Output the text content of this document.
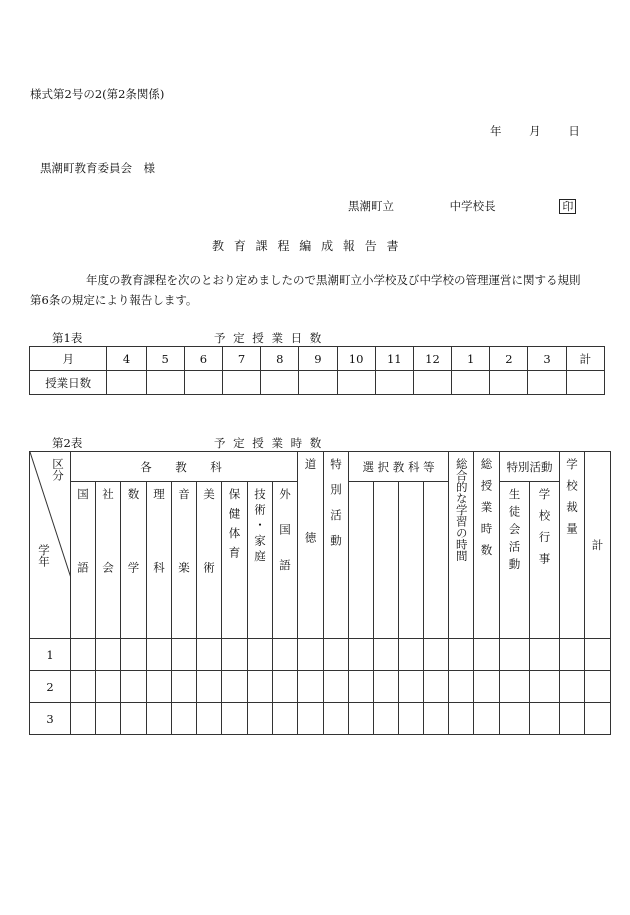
様式第2号の2(第2条関係)
年 月 日
黒潮町教育委員会　様
黒潮町立	中学校長	印
教 育 課 程 編 成 報 告 書
年度の教育課程を次のとおり定めましたので黒潮町立小学校及び中学校の管理運営に関する規則
第6条の規定により報告します。
第1表	予 定 授 業 日 数
月	4	5	6	7	8	9	10	11	12	1	2	3	計
授業日数													
第2表	予 定 授 業 時 数
区分
学年	各　教　科									道徳	特別活動	選 択 教 科 等				総合的な学習の時間	総授業時数	特別活動		学校裁量	計
	国語	社会	数学	理科	音楽	美術	保健体育	技術・家庭	外国語									生徒会活動	学校行事		
1																					
2																					
3																					
